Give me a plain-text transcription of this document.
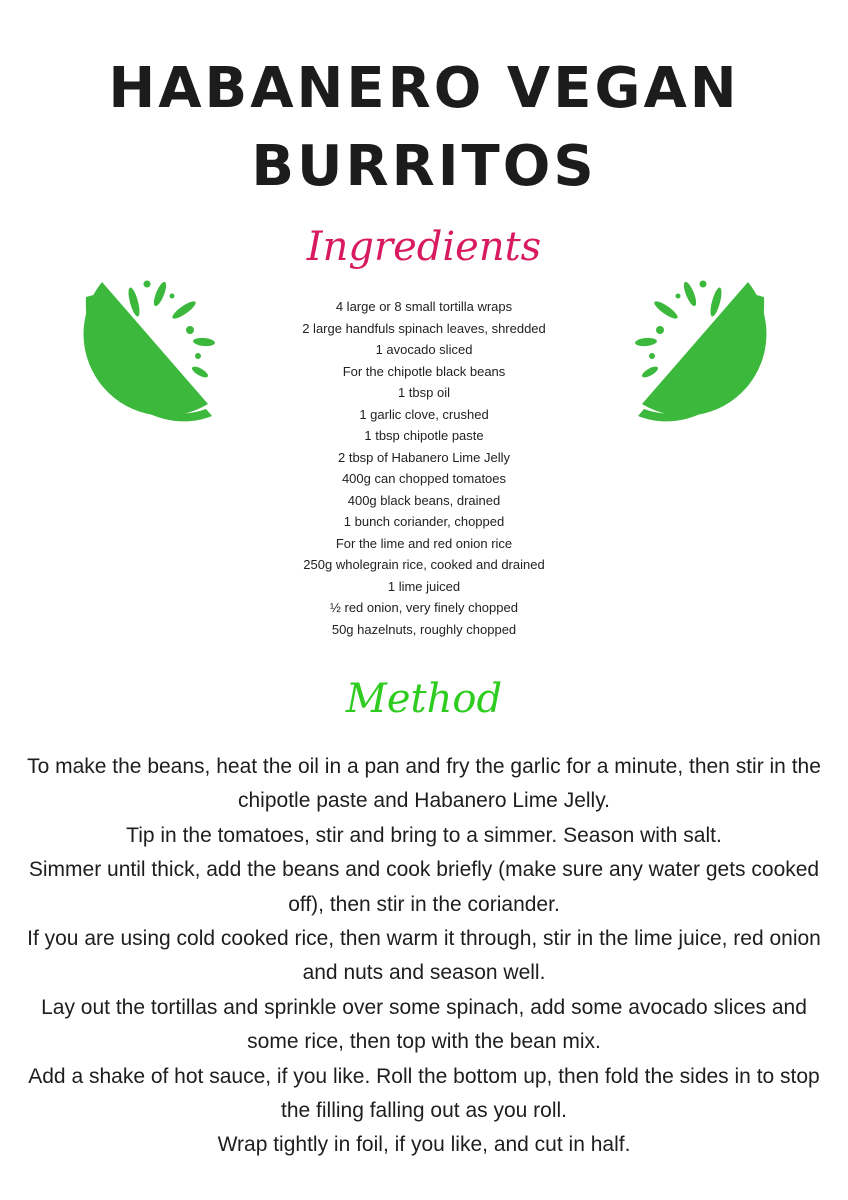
HABANERO VEGAN
BURRITOS
Ingredients
4 large or 8 small tortilla wraps
2 large handfuls spinach leaves, shredded
1 avocado sliced
For the chipotle black beans
1 tbsp oil
1 garlic clove, crushed
1 tbsp chipotle paste
2 tbsp of Habanero Lime Jelly
400g can chopped tomatoes
400g black beans, drained
1 bunch coriander, chopped
For the lime and red onion rice
250g wholegrain rice, cooked and drained
1 lime juiced
½ red onion, very finely chopped
50g hazelnuts, roughly chopped
Method

To make the beans, heat the oil in a pan and fry the garlic for a minute, then stir in the chipotle paste and Habanero Lime Jelly.

Tip in the tomatoes, stir and bring to a simmer. Season with salt.

Simmer until thick, add the beans and cook briefly (make sure any water gets cooked off), then stir in the coriander.

If you are using cold cooked rice, then warm it through, stir in the lime juice, red onion and nuts and season well.

Lay out the tortillas and sprinkle over some spinach, add some avocado slices and some rice, then top with the bean mix.

Add a shake of hot sauce, if you like. Roll the bottom up, then fold the sides in to stop the filling falling out as you roll.

Wrap tightly in foil, if you like, and cut in half.
